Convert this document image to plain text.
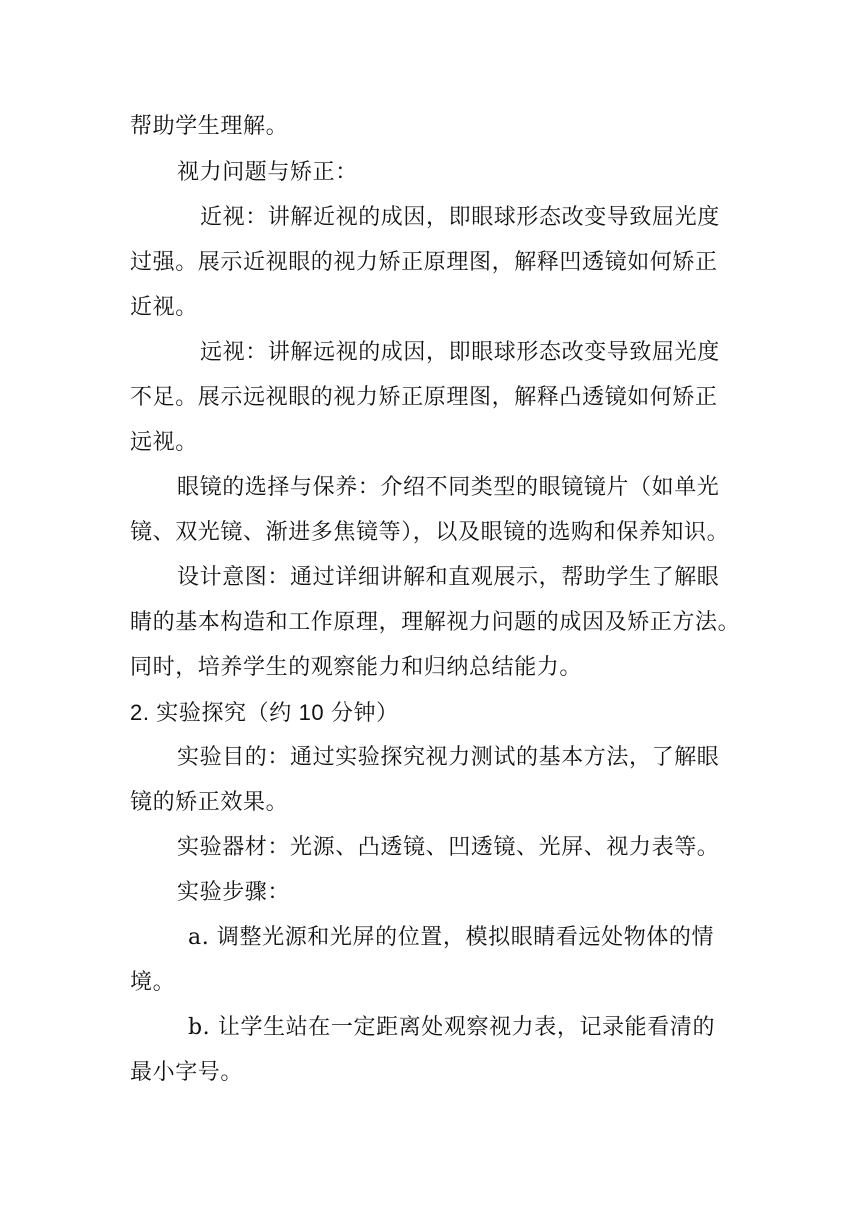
帮助学生理解。
视力问题与矫正：
近视：讲解近视的成因，即眼球形态改变导致屈光度
过强。展示近视眼的视力矫正原理图，解释凹透镜如何矫正
近视。
远视：讲解远视的成因，即眼球形态改变导致屈光度
不足。展示远视眼的视力矫正原理图，解释凸透镜如何矫正
远视。
眼镜的选择与保养：介绍不同类型的眼镜镜片（如单光
镜、双光镜、渐进多焦镜等），以及眼镜的选购和保养知识。
设计意图：通过详细讲解和直观展示，帮助学生了解眼
睛的基本构造和工作原理，理解视力问题的成因及矫正方法。
同时，培养学生的观察能力和归纳总结能力。
2. 实验探究（约 10 分钟）
实验目的：通过实验探究视力测试的基本方法，了解眼
镜的矫正效果。
实验器材：光源、凸透镜、凹透镜、光屏、视力表等。
实验步骤：
a. 调整光源和光屏的位置，模拟眼睛看远处物体的情
境。
b. 让学生站在一定距离处观察视力表，记录能看清的
最小字号。
